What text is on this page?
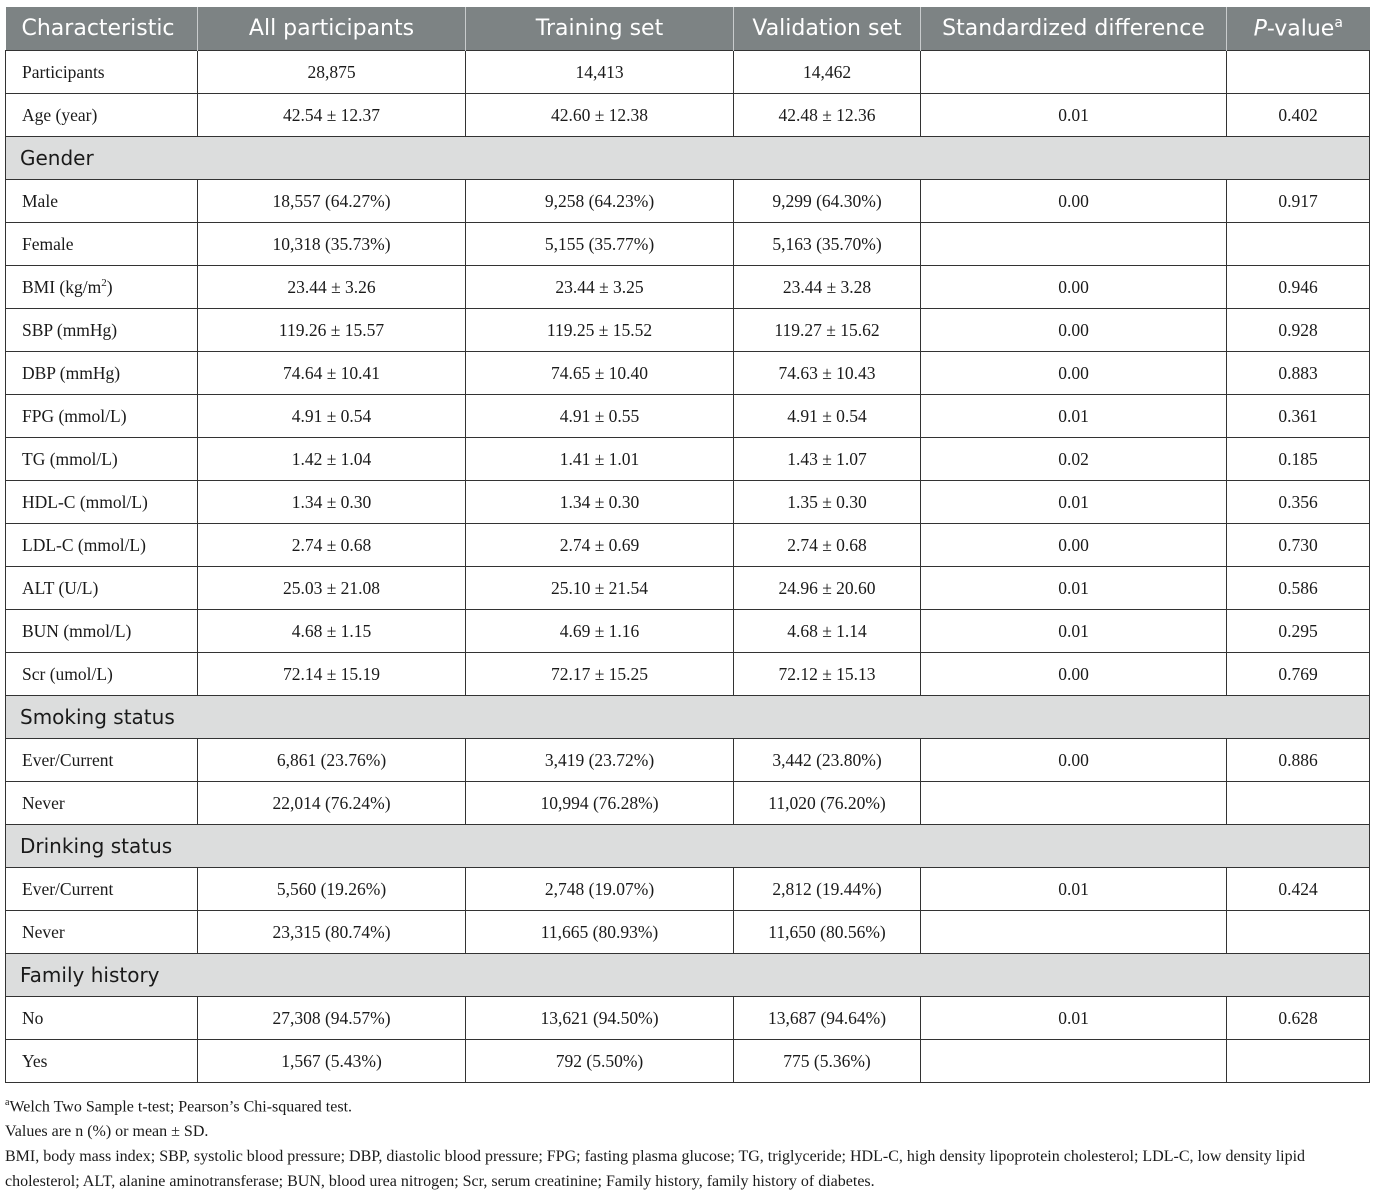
Characteristic	All participants	Training set	Validation set	Standardized difference	P-value$^a$
Participants	28,875	14,413	14,462		
Age (year)	42.54 ± 12.37	42.60 ± 12.38	42.48 ± 12.36	0.01	0.402
Gender					
Male	18,557 (64.27%)	9,258 (64.23%)	9,299 (64.30%)	0.00	0.917
Female	10,318 (35.73%)	5,155 (35.77%)	5,163 (35.70%)		
BMI $(kg/m^2)$	23.44 ± 3.26	23.44 ± 3.25	23.44 ± 3.28	0.00	0.946
SBP (mmHg)	119.26 ± 15.57	119.25 ± 15.52	119.27 ± 15.62	0.00	0.928
DBP (mmHg)	74.64 ± 10.41	74.65 ± 10.40	74.63 ± 10.43	0.00	0.883
FPG (mmol/L)	4.91 ± 0.54	4.91 ± 0.55	4.91 ± 0.54	0.01	0.361
TG (mmol/L)	1.42 ± 1.04	1.41 ± 1.01	1.43 ± 1.07	0.02	0.185
HDL-C (mmol/L)	1.34 ± 0.30	1.34 ± 0.30	1.35 ± 0.30	0.01	0.356
LDL-C (mmol/L)	2.74 ± 0.68	2.74 ± 0.69	2.74 ± 0.68	0.00	0.730
ALT (U/L)	25.03 ± 21.08	25.10 ± 21.54	24.96 ± 20.60	0.01	0.586
BUN (mmol/L)	4.68 ± 1.15	4.69 ± 1.16	4.68 ± 1.14	0.01	0.295
Scr (umol/L)	72.14 ± 15.19	72.17 ± 15.25	72.12 ± 15.13	0.00	0.769
Smoking status					
Ever/Current	6,861 (23.76%)	3,419 (23.72%)	3,442 (23.80%)	0.00	0.886
Never	22,014 (76.24%)	10,994 (76.28%)	11,020 (76.20%)		
Drinking status					
Ever/Current	5,560 (19.26%)	2,748 (19.07%)	2,812 (19.44%)	0.01	0.424
Never	23,315 (80.74%)	11,665 (80.93%)	11,650 (80.56%)		
Family history					
No	27,308 (94.57%)	13,621 (94.50%)	13,687 (94.64%)	0.01	0.628
Yes	1,567 (5.43%)	792 (5.50%)	775 (5.36%)		

$^a$Welch Two Sample t-test; Pearson’s Chi-squared test.

Values are n (%) or mean ± SD.

BMI, body mass index; SBP, systolic blood pressure; DBP, diastolic blood pressure; FPG; fasting plasma glucose; TG, triglyceride; HDL-C, high density lipoprotein cholesterol; LDL-C, low density lipid cholesterol; ALT, alanine aminotransferase; BUN, blood urea nitrogen; Scr, serum creatinine; Family history, family history of diabetes.
